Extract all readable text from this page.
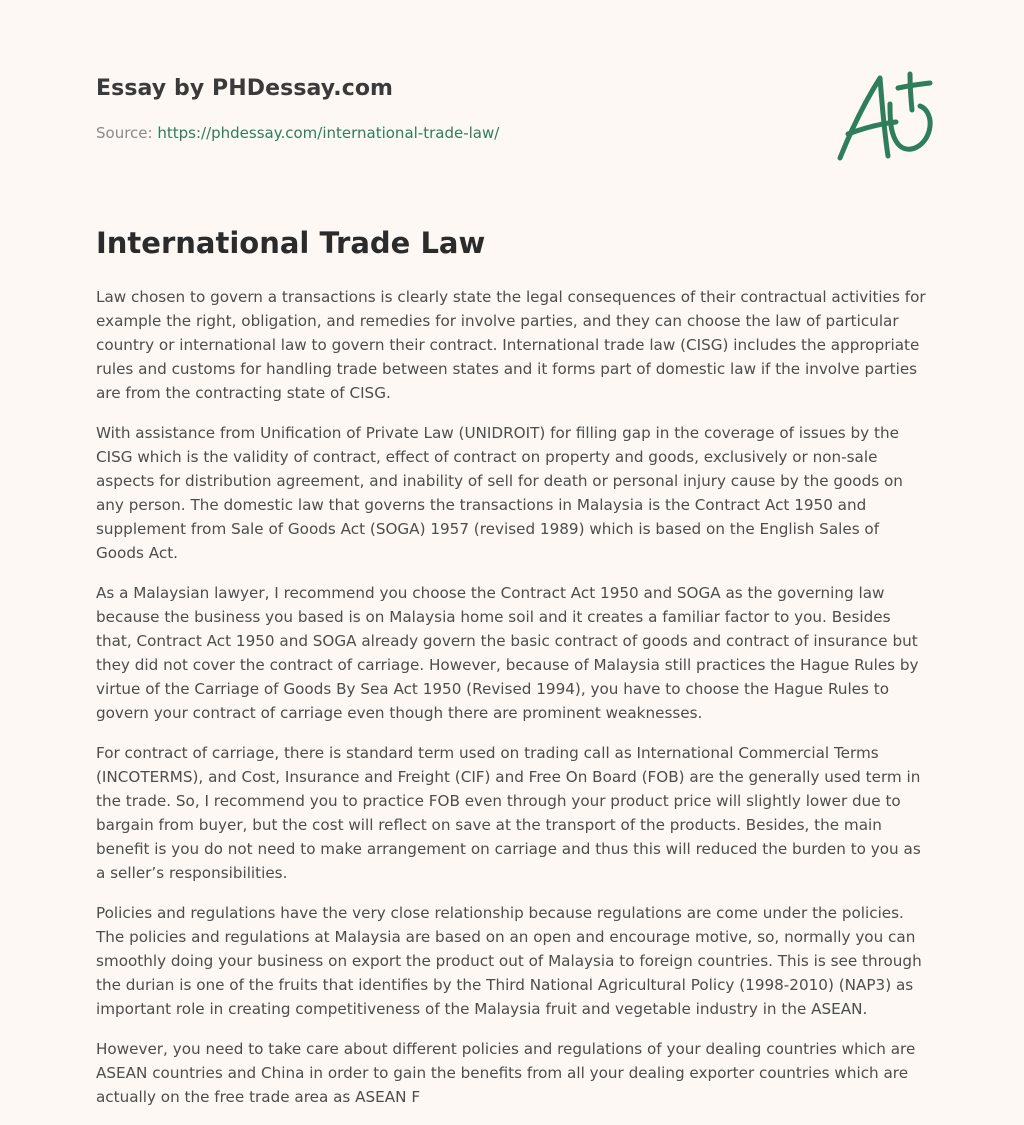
Essay by PHDessay.com
Source: https://phdessay.com/international-trade-law/
International Trade Law

Law chosen to govern a transactions is clearly state the legal consequences of their contractual activities for example the right, obligation, and remedies for involve parties, and they can choose the law of particular country or international law to govern their contract. International trade law (CISG) includes the appropriate rules and customs for handling trade between states and it forms part of domestic law if the involve parties are from the contracting state of CISG.

With assistance from Unification of Private Law (UNIDROIT) for filling gap in the coverage of issues by the CISG which is the validity of contract, effect of contract on property and goods, exclusively or non-sale aspects for distribution agreement, and inability of sell for death or personal injury cause by the goods on any person. The domestic law that governs the transactions in Malaysia is the Contract Act 1950 and supplement from Sale of Goods Act (SOGA) 1957 (revised 1989) which is based on the English Sales of Goods Act.

As a Malaysian lawyer, I recommend you choose the Contract Act 1950 and SOGA as the governing law because the business you based is on Malaysia home soil and it creates a familiar factor to you. Besides that, Contract Act 1950 and SOGA already govern the basic contract of goods and contract of insurance but they did not cover the contract of carriage. However, because of Malaysia still practices the Hague Rules by virtue of the Carriage of Goods By Sea Act 1950 (Revised 1994), you have to choose the Hague Rules to govern your contract of carriage even though there are prominent weaknesses.

For contract of carriage, there is standard term used on trading call as International Commercial Terms (INCOTERMS), and Cost, Insurance and Freight (CIF) and Free On Board (FOB) are the generally used term in the trade. So, I recommend you to practice FOB even through your product price will slightly lower due to bargain from buyer, but the cost will reflect on save at the transport of the products. Besides, the main benefit is you do not need to make arrangement on carriage and thus this will reduced the burden to you as a seller’s responsibilities.

Policies and regulations have the very close relationship because regulations are come under the policies. The policies and regulations at Malaysia are based on an open and encourage motive, so, normally you can smoothly doing your business on export the product out of Malaysia to foreign countries. This is see through the durian is one of the fruits that identifies by the Third National Agricultural Policy (1998-2010) (NAP3) as important role in creating competitiveness of the Malaysia fruit and vegetable industry in the ASEAN.

However, you need to take care about different policies and regulations of your dealing countries which are ASEAN countries and China in order to gain the benefits from all your dealing exporter countries which are actually on the free trade area as ASEAN F
